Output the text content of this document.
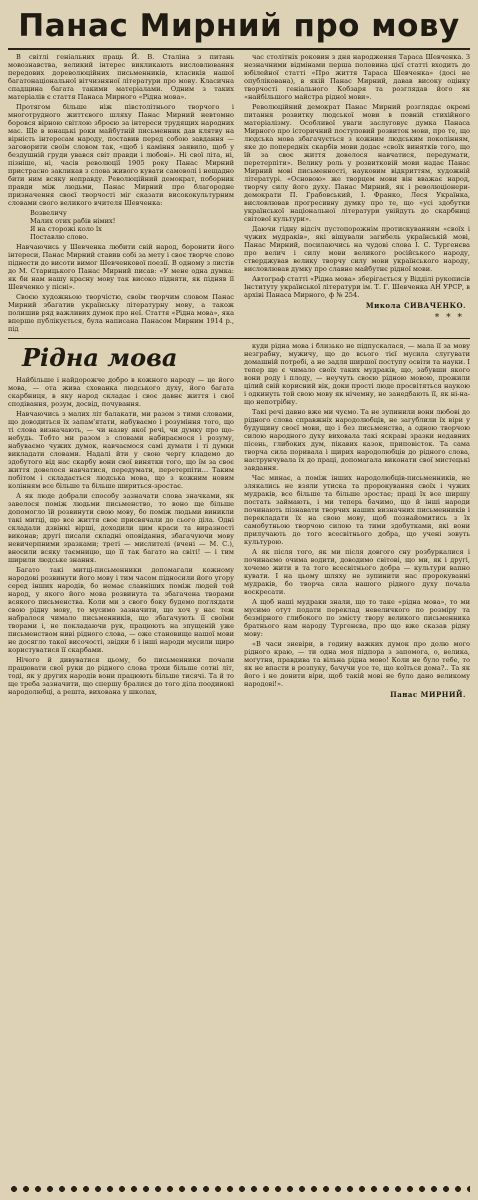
Панас Мирний про мову

В світлі геніальних праць Й. В. Сталіна з питань мовознавства, великий інтерес викликають висловлювання передових дореволюційних письменників, класиків нашої багатонаціональної вітчизняної літератури про мову. Класична спадщина багата такими матеріалами. Одним з таких матеріалів є стаття Панаса Мирного «Рідна мова».

Протягом більше ніж півстолітнього творчого і многотрудного життєвого шляху Панас Мирний невтомно боровся вірною світлою зброєю за інтереси трудящих народних мас. Ще в юнацькі роки майбутній письменник дав клятву на вірність інтересам народу, поставив перед собою завдання — заговорити своїм словом так, «щоб і каміння заявило, щоб у бездушній груди увався світ правди і любові». Ні свої літа, ні, пізніше, ні, часів революції 1905 року Панас Мирний пристрасно закликав з слова живого кувати самоволі і нещадно бити ним всяку неправду. Революційний демократ, поборник правди між людьми, Панас Мирний про благородне призначення своєї творчості міг сказати висококультурним словами свого великого вчителя Шевченка:

Возвеличу
Малих отих рабів німих!
Я на сторожі коло їх
Поставлю слово.

Навчаючись у Шевченка любити свій народ, боронити його інтереси, Панас Мирний ставив собі за мету і своє творче слово піднести до висоти вимог Шевченкової поезії. В одному з листів до М. Старицького Панас Мирний писав: «У мене одна думка: як би нам нашу красну мову так високо підняти, як підняв її Шевченко у пісні».

Своєю художньою творчістю, своїм творчим словом Панас Мирний збагатив українську літературну мову, а також полишив ряд важливих думок про неї. Стаття «Рідна мова», яка вперше публікується, була написана Панасом Мирним 1914 р., під

час столітніх роковин з дня народження Тараса Шевченка. З незначними відмінами перша половина цієї статті входить до юбілейної статті «Про життя Тараса Шевченка» (досі не опублікована), в якій Панас Мирний, давав високу оцінку творчості геніального Кобзаря та розглядав його як «найбільшого майстра рідної мови».

Революційний демократ Панас Мирний розглядає окремі питання розвитку людської мови в повній стихійного матеріалізму. Особливої уваги заслуговує думка Панаса Мирного про історичний поступовий розвиток мови, про те, що людська мова збагачується з кожним людським поколінням, яке до попередніх скарбів мови додає «своїх винятків того, що їй за своє життя довелося навчатися, передумати, перетерпіти». Велику роль у розвитковій мови надає Панас Мирний мові письменності, науковим відкриттям, художній літературі. «Основою» же творцем мови він вважає народ, творчу силу його духу. Панас Мирний, як і революціонери-демократи П. Грабовський, І. Франко, Леся Українка, висловлював прогресивну думку про те, що «усі здобутки української національної літератури увійдуть до скарбниці світової культури».

Даючи гідну відсіч пустопорожнім протискуванням «своїх і чужих мудраків», які віщували загибель українській мові, Панас Мирний, посилаючись на чудові слова І. С. Тургенєва про велич і силу мови великого російського народу, стверджував велику творчу силу мови українського народу, висловлював думку про славне майбутнє рідної мови.

Автограф статті «Рідна мова» зберігається у Відділі рукописів Інституту української літератури ім. Т. Г. Шевченка АН УРСР, в архіві Панаса Мирного, ф № 254.

Микола СИВАЧЕНКО.
* * *
Рідна мова

Найбільше і найдорожче добро в кожного народу — це його мова, — ота жива схованка людського духу, його багата скарбниця, в яку народ складає і своє давнє життя і свої сподівання, розум, досвід, почування.

Навчаючись з малих літ балакати, ми разом з тими словами, що доводиться їх запам'ятати, набуваємо і розуміння того, що ті слова визначають, — чи назву якої речі, чи думку про що-небудь. Тобто ми разом з словами набираємося і розуму, набуваємо чужих думок, навчаємося самі думати і ті думки викладати словами. Надалі йти у свою чергу кладемо до здобутого від нас скарбу вони свої винятки того, що їм за своє життя довелося навчатися, передумати, перетерпіти… Таким побітом і складається людська мова, що з кожним новим колінням все більше та більше шириться-зростає.

А як люде добрали способу зазначати слова значками, як завелося поміж людьми письменство, то воно ще більше допомогло їй розвинути свою мову, бо поміж людьми виникли такі митці, що все життя своє присвячали до сього діла. Одні складали дзвінкі вірші, доходили цим краси та виразності виконав; другі писали складні оповідання, збагачуючи мову невичерпними зразками; треті — мислителі (вчені — М. С.), вносили всяку таємницю, що її так багато на світі! — і тим ширили людське знання.

Багато такі митці-письменники допомагали кожному народові розвинути його мову і тим часом підносили його угору серед інших народів, бо немає славніших поміж людей той народ, у якого його мова розвинута та збагачена творами всякого письменства. Коли ми з свого боку будемо поглядати свою рідну мову, то мусимо зазначити, що хоч у нас теж набралося чимало письменників, що збагачують її своїми творами і, не покладаючи рук, працюють на зпущеній уже письменством ниві рідного слова, — оже становище нашої мови не досягло такої височості, звідки б і інші народи мусили щиро користуватися її скарбами.

Нічого й дивуватися цьому, бо письменники почали працювати свої руки до рідного слова трохи більше сотні літ, тоді, як у других народів вони працюють більше тисячі. Та й то ще треба зазначити, що спершу бралися до того діла поодинокі народолюбці, а решта, вихована у школах,

куди рідна мова і близько не підпускалася, — мала її за мову незграбну, мужичу, що до всього тієї мусила слугувати домашній потребі, а не задля ширшої поступу освіти та науки. І тепер ще є чимало своїх таких мудраків, що, забувши якого вони роду і плоду, — неучуть своєю рідною мовою, прожили цілий свій корисний вік, доки прості люде просвітяться наукою і одкинуть той свою мову як нічемну, не занедбають її, як ні-на-що непотрібну.

Такі речі давно вже ми чуємо. Та не зупинили вони любові до рідного слова справжніх народолюбців, не загублили їх віри у будущину своєї мови, що і без письменства, а одною творчою силою народного духу виховала такі яскраві зразки недавних пісень, глибоких дум, пікавих казок, приповісток. Та сама творча сила поривала і щирих народолюбців до рідного слова, наструнчувала їх до праці, допомагала виконати свої мистецькі завдання.

Час минає, а поміж інших народолюбців-письменників, не злякались не взяли утиска та пророкування своїх і чужих мудраків, все більше та більше зростає; праці їх все ширшу постать займають, і ми теперь бачимо, що й інші народи починають пізнавати творчих наших визначних письменників і перекладати їх на свою мову, щоб познайомитись з їх самобутньою творчою силою та тими здобутками, які вони прилучають до того всесвітнього добра, що учені зовуть культурою.

А як після того, як ми після довгого сну розбуркалися і починаємо очима водити, доводимо світові, що ми, як і другі, хочемо жити в та того всесвітнього добра — культури вапно кувати. І на цьому шляху не зупинити нас пророкуванні мудраків, бо творча сила нашого рідного духу почала воскресати.

А щоб наші мудраки знали, що то таке «рідна мова», то ми мусимо отут подати переклад невеличкого по розміру та безмірного глибокого по змісту твору великого письменника братнього нам народу Тургенєва, про що вже сказав рідну мову:

«В часи зневіри, в годину важких думок про долю мого рідного краю, — ти одна моя підпора з запомога, о, велика, могутня, правдива та вільна рідна мово! Коли не було тебе, то як не впасти в розпуку, бачучи усе те, що коїться дома?.. Та як його і не донити віри, щоб такій мові не було дано великому народові!».

Панас МИРНИЙ.
